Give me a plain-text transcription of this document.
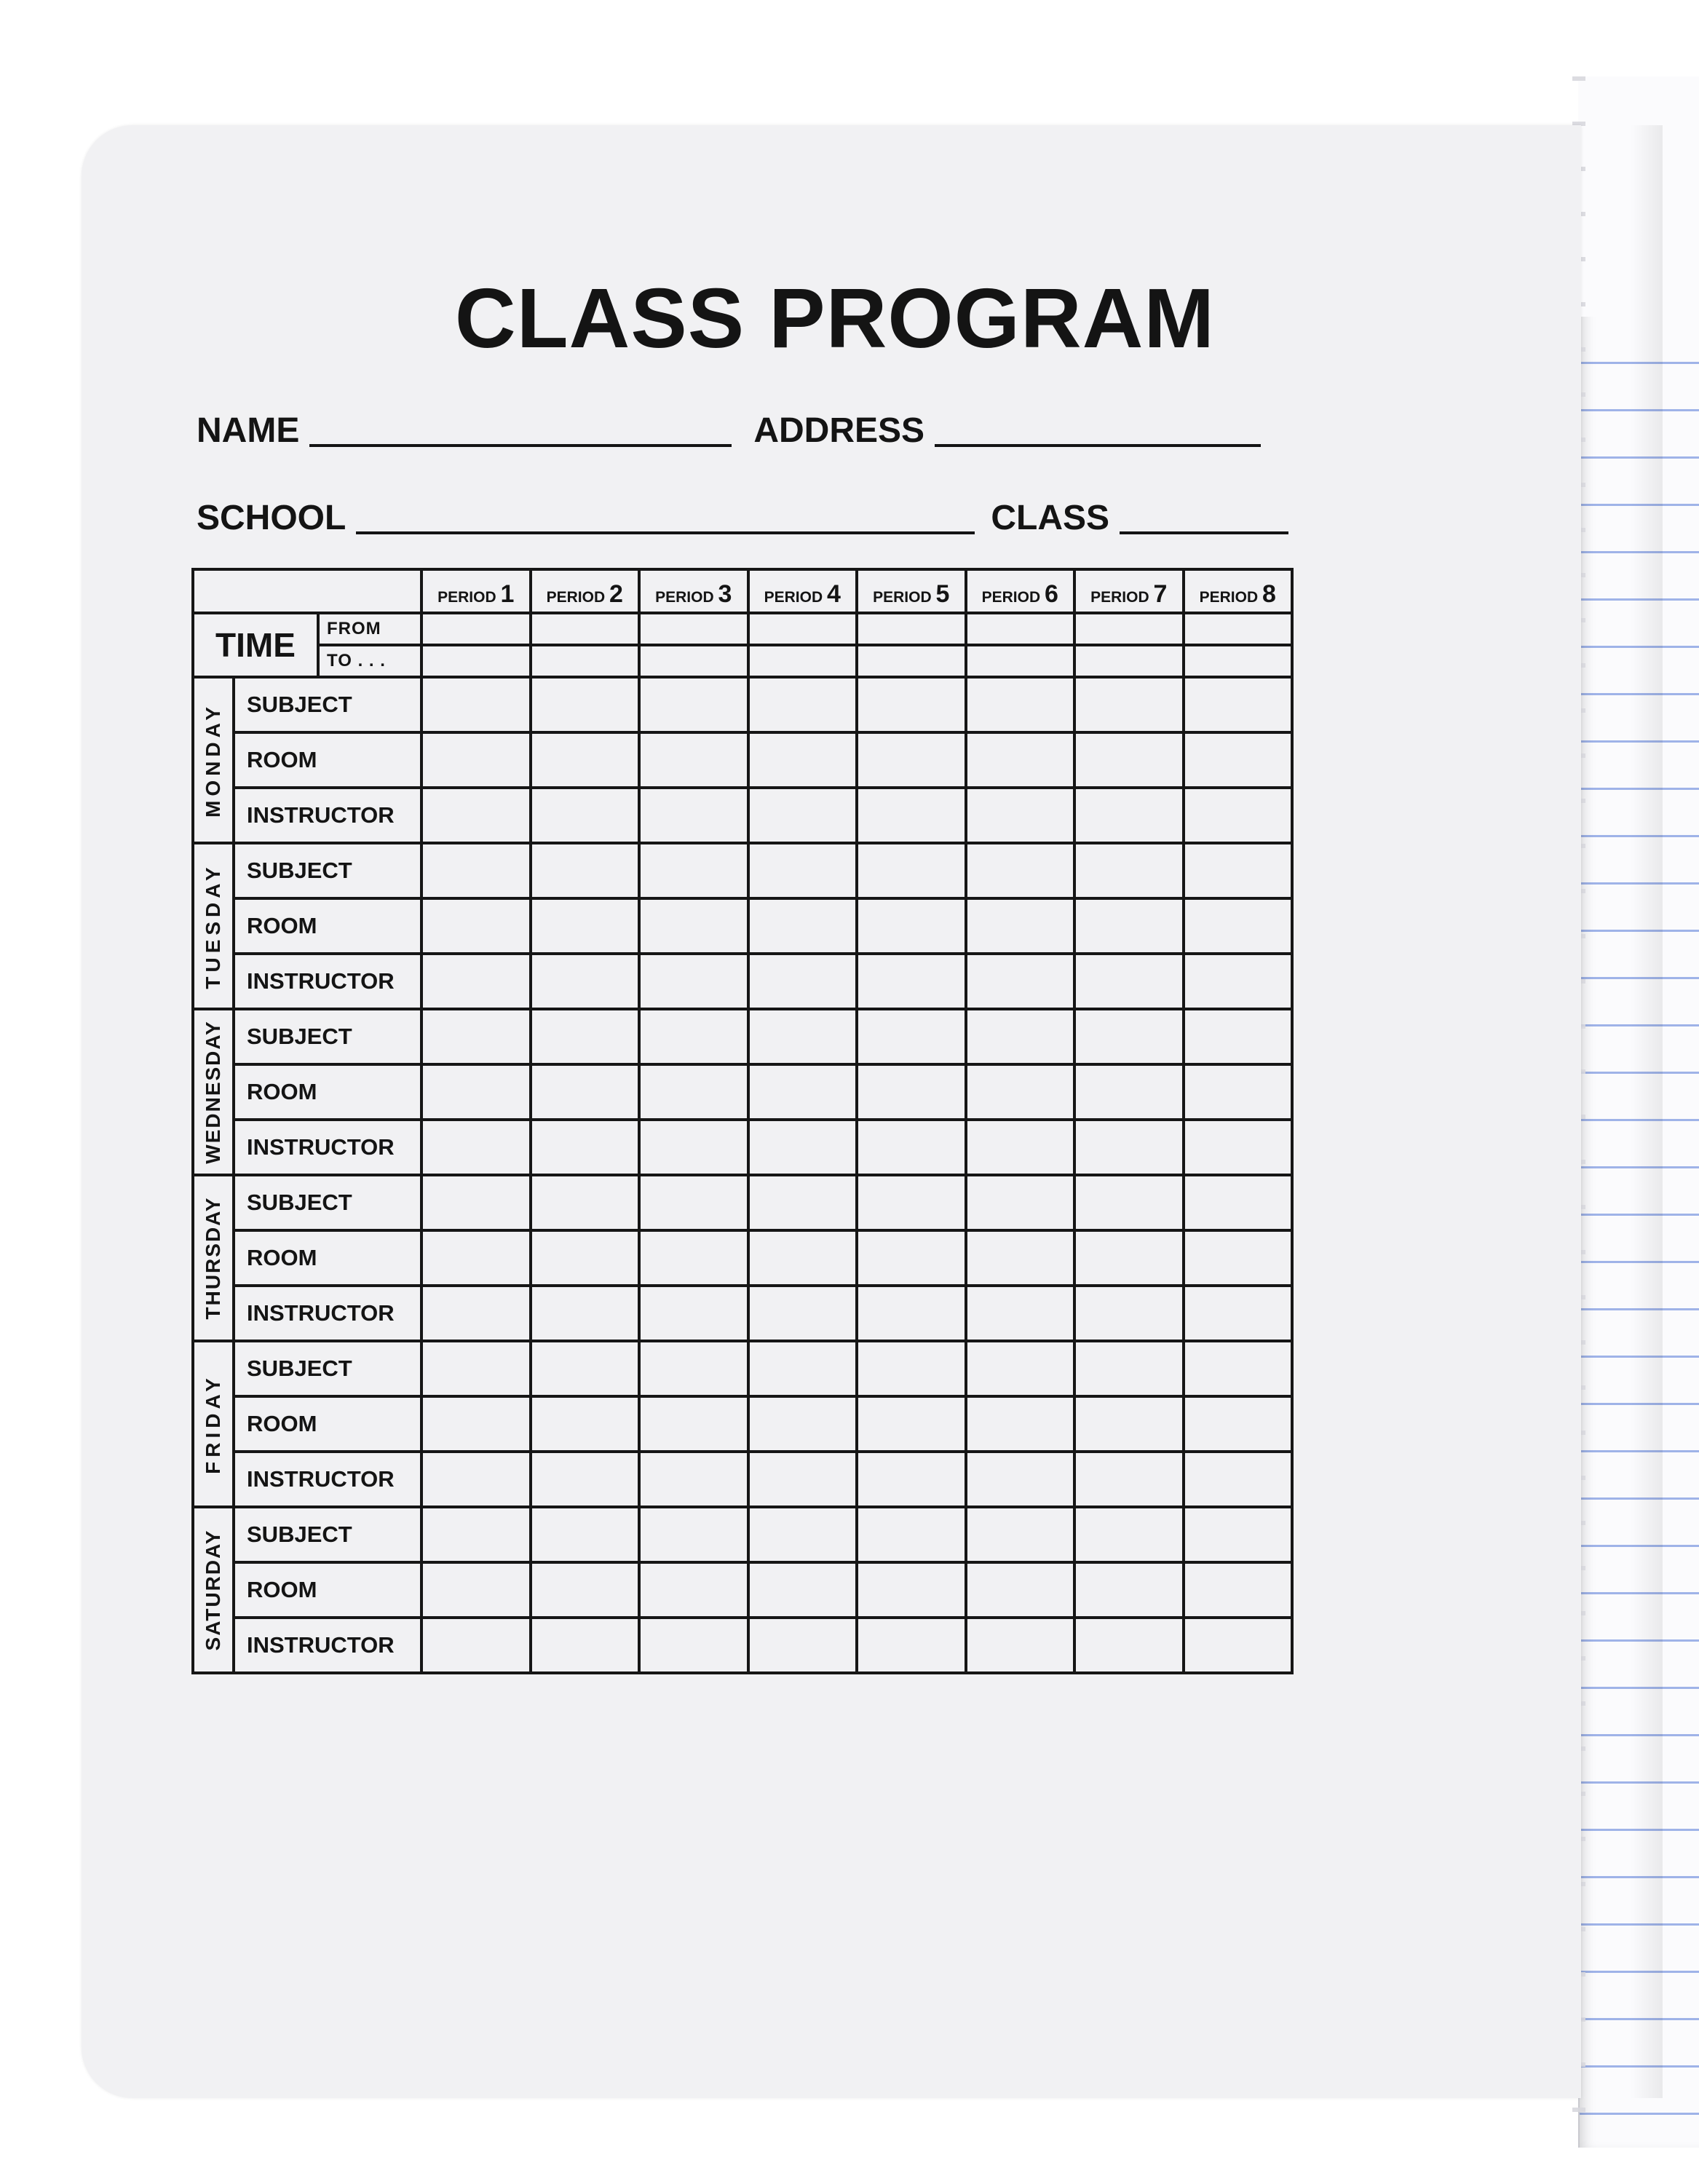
CLASS PROGRAM
NAME	ADDRESS
SCHOOL	CLASS
			PERIOD 1	PERIOD 2	PERIOD 3	PERIOD 4	PERIOD 5	PERIOD 6	PERIOD 7	PERIOD 8
TIME		FROM								
		TO . . .								

MONDAY	SUBJECT									
	ROOM									
	INSTRUCTOR									

TUESDAY	SUBJECT									
	ROOM									
	INSTRUCTOR									

WEDNESDAY	SUBJECT									
	ROOM									
	INSTRUCTOR									

THURSDAY	SUBJECT									
	ROOM									
	INSTRUCTOR									

FRIDAY	SUBJECT									
	ROOM									
	INSTRUCTOR									

SATURDAY	SUBJECT									
	ROOM									
	INSTRUCTOR									
